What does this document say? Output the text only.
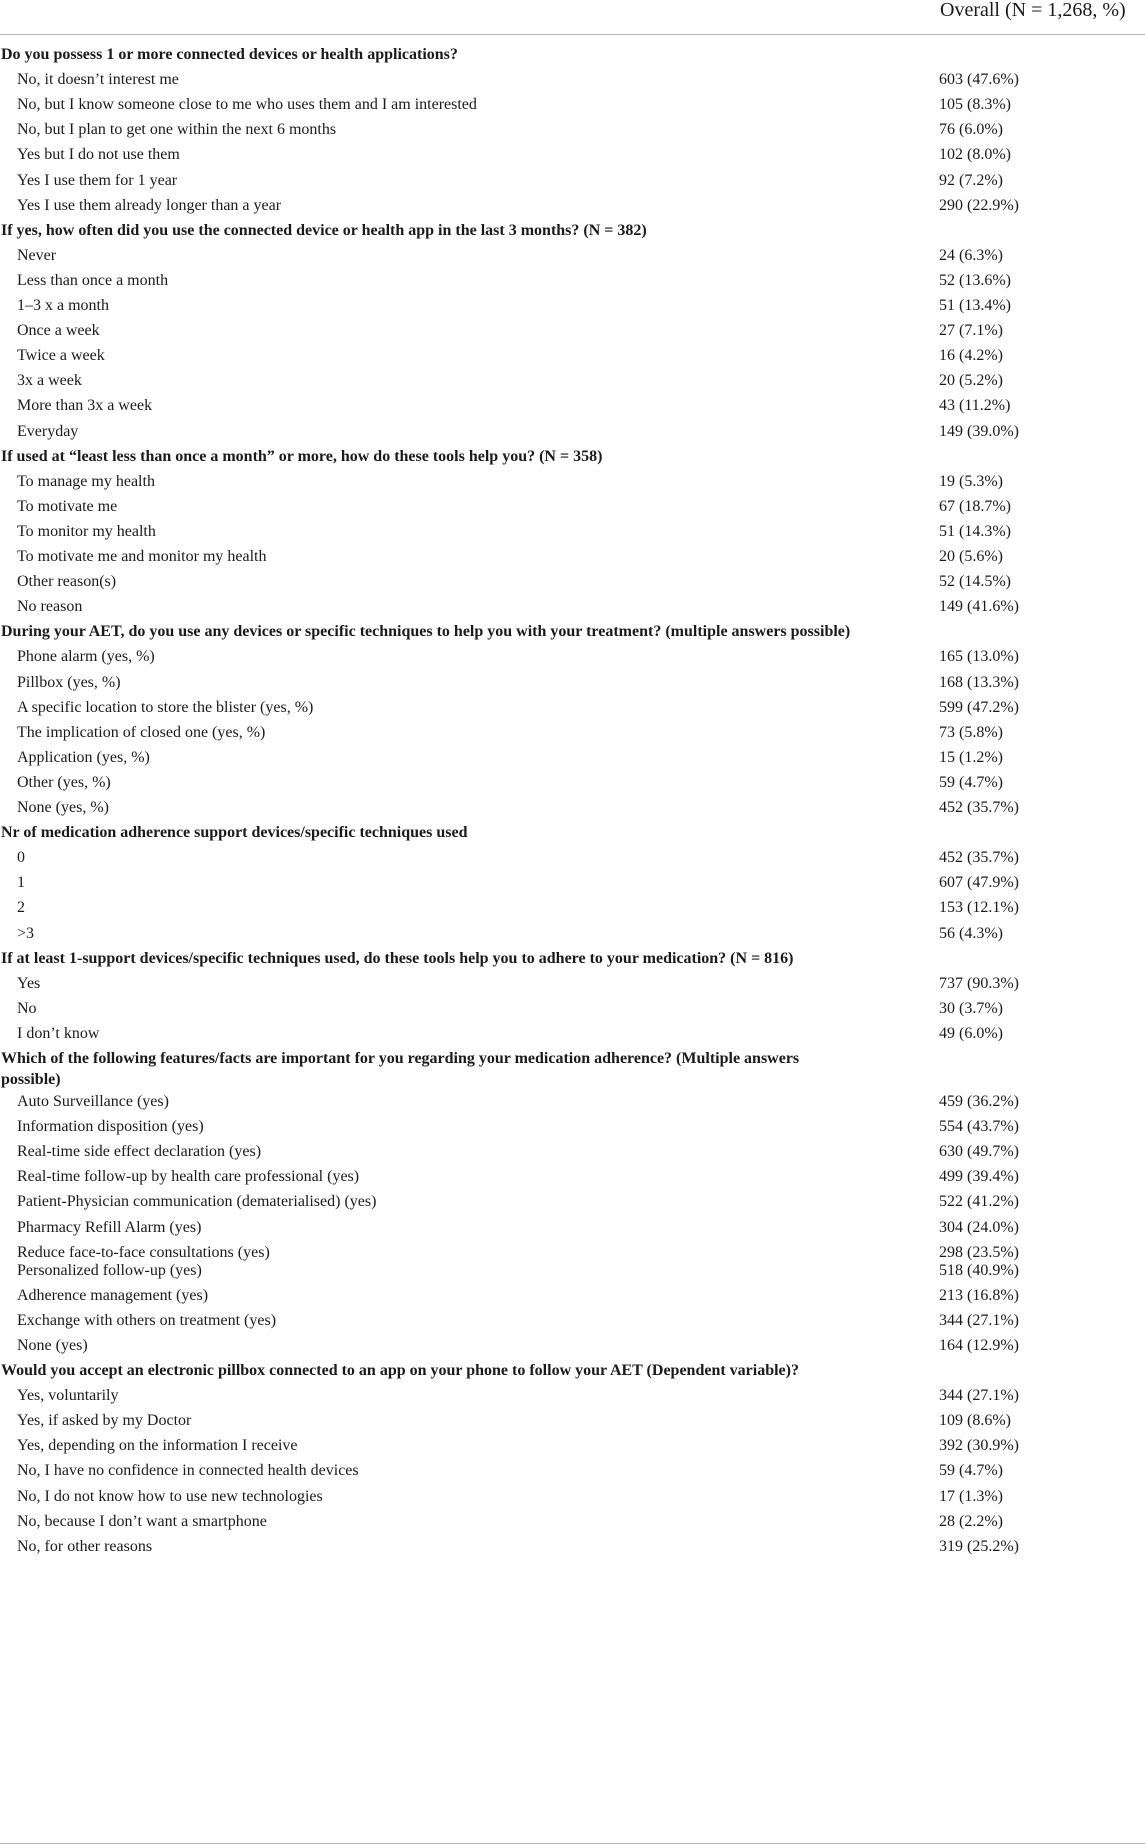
Overall (N = 1,268, %)
Do you possess 1 or more connected devices or health applications?
No, it doesn’t interest me	603 (47.6%)
No, but I know someone close to me who uses them and I am interested	105 (8.3%)
No, but I plan to get one within the next 6 months	76 (6.0%)
Yes but I do not use them	102 (8.0%)
Yes I use them for 1 year	92 (7.2%)
Yes I use them already longer than a year	290 (22.9%)
If yes, how often did you use the connected device or health app in the last 3 months? (N = 382)
Never	24 (6.3%)
Less than once a month	52 (13.6%)
1–3 x a month	51 (13.4%)
Once a week	27 (7.1%)
Twice a week	16 (4.2%)
3x a week	20 (5.2%)
More than 3x a week	43 (11.2%)
Everyday	149 (39.0%)
If used at “least less than once a month” or more, how do these tools help you? (N = 358)
To manage my health	19 (5.3%)
To motivate me	67 (18.7%)
To monitor my health	51 (14.3%)
To motivate me and monitor my health	20 (5.6%)
Other reason(s)	52 (14.5%)
No reason	149 (41.6%)
During your AET, do you use any devices or specific techniques to help you with your treatment? (multiple answers possible)
Phone alarm (yes, %)	165 (13.0%)
Pillbox (yes, %)	168 (13.3%)
A specific location to store the blister (yes, %)	599 (47.2%)
The implication of closed one (yes, %)	73 (5.8%)
Application (yes, %)	15 (1.2%)
Other (yes, %)	59 (4.7%)
None (yes, %)	452 (35.7%)
Nr of medication adherence support devices/specific techniques used
0	452 (35.7%)
1	607 (47.9%)
2	153 (12.1%)
>3	56 (4.3%)
If at least 1-support devices/specific techniques used, do these tools help you to adhere to your medication? (N = 816)
Yes	737 (90.3%)
No	30 (3.7%)
I don’t know	49 (6.0%)
Which of the following features/facts are important for you regarding your medication adherence? (Multiple answers possible)
Auto Surveillance (yes)	459 (36.2%)
Information disposition (yes)	554 (43.7%)
Real-time side effect declaration (yes)	630 (49.7%)
Real-time follow-up by health care professional (yes)	499 (39.4%)
Patient-Physician communication (dematerialised) (yes)	522 (41.2%)
Pharmacy Refill Alarm (yes)	304 (24.0%)
Reduce face-to-face consultations (yes)	298 (23.5%)
Personalized follow-up (yes)	518 (40.9%)
Adherence management (yes)	213 (16.8%)
Exchange with others on treatment (yes)	344 (27.1%)
None (yes)	164 (12.9%)
Would you accept an electronic pillbox connected to an app on your phone to follow your AET (Dependent variable)?
Yes, voluntarily	344 (27.1%)
Yes, if asked by my Doctor	109 (8.6%)
Yes, depending on the information I receive	392 (30.9%)
No, I have no confidence in connected health devices	59 (4.7%)
No, I do not know how to use new technologies	17 (1.3%)
No, because I don’t want a smartphone	28 (2.2%)
No, for other reasons	319 (25.2%)
